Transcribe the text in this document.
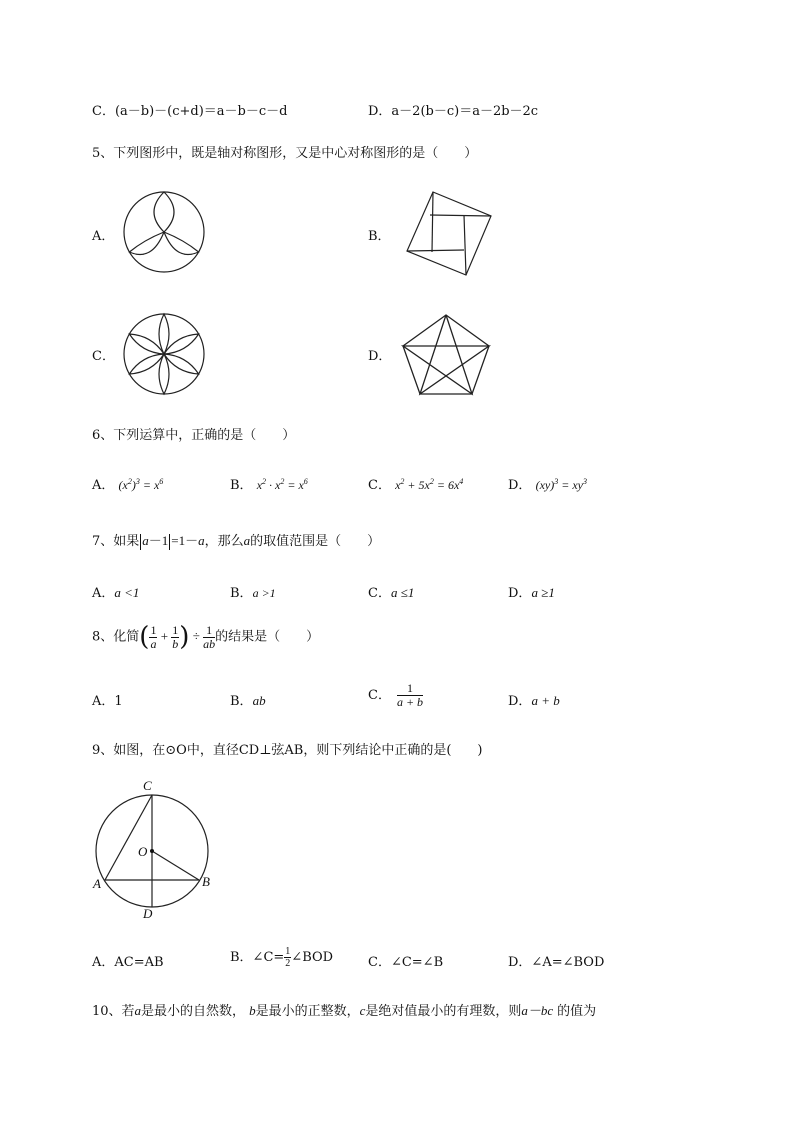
C．(a－b)－(c+d)＝a－b－c－d	D．a－2(b－c)＝a－2b－2c
5、下列图形中，既是轴对称图形，又是中心对称图形的是（　　）
A．	B．
C．	D．
6、下列运算中，正确的是（　　）
A． $(x^2)^3 = x^6$	B． $x^2 \cdot x^2 = x^6$	C． $x^2 + 5x^2 = 6x^4$	D． $(xy)^3 = xy^3$
7、如果 a－1 =1－a，那么a的取值范围是（　　）
A．a <1	B．a >1	C．a ≤1	D．a ≥1
8、化简( $\frac{1}{a} + \frac{1}{b}$ ) ÷ $\frac{1}{ab}$ 的结果是（　　）
A．1	B．ab	C． $\frac{1}{a + b}$	D．a + b
9、如图，在⊙O中，直径CD⊥弦AB，则下列结论中正确的是(　　)
C
O
A	B
D
A．AC=AB	B．∠C= $\frac{1}{2}$ ∠BOD	C．∠C=∠B	D．∠A=∠BOD
10、若a是最小的自然数， b是最小的正整数，c是绝对值最小的有理数，则a－bc 的值为
